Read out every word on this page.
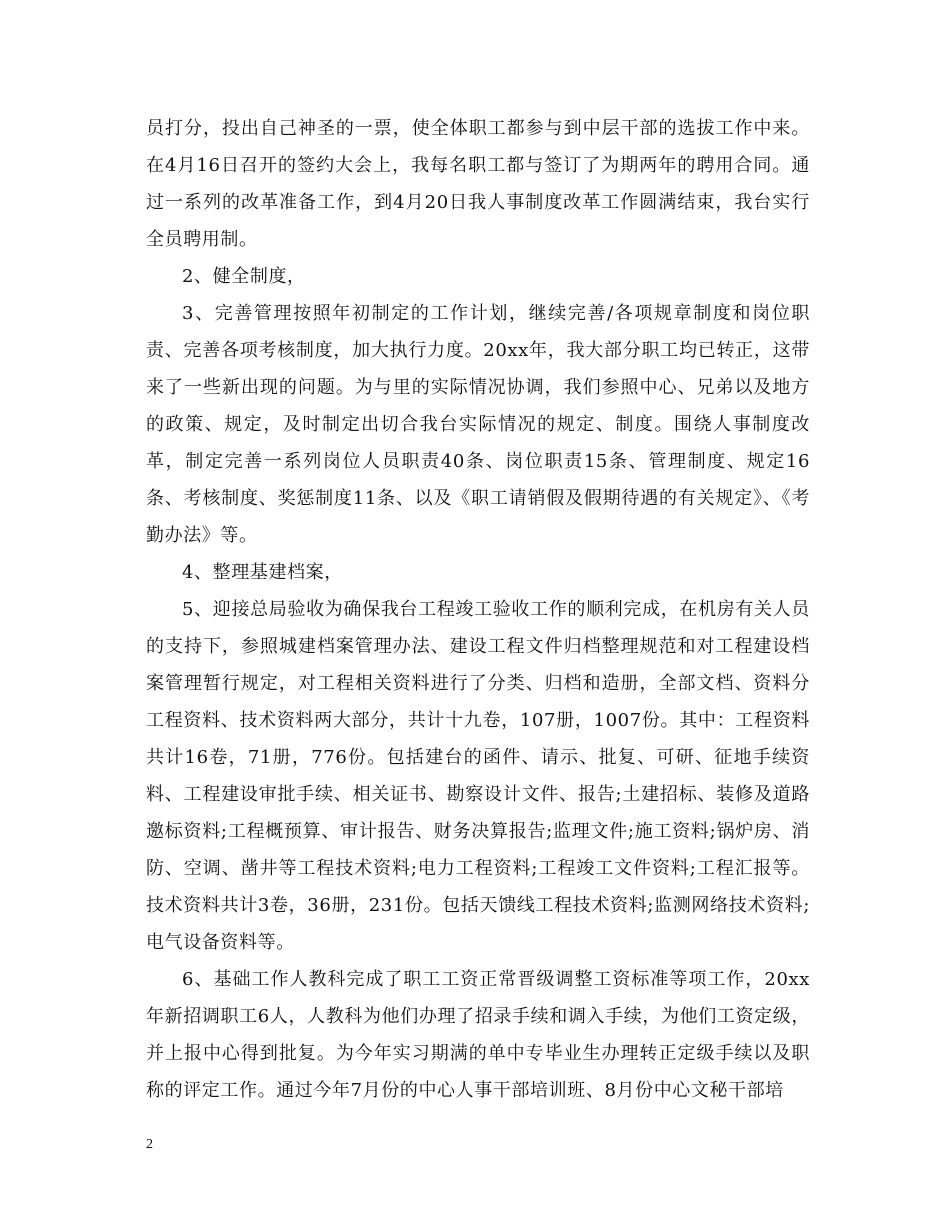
员打分，投出自己神圣的一票，使全体职工都参与到中层干部的选拔工作中来。在4月16日召开的签约大会上，我每名职工都与签订了为期两年的聘用合同。通过一系列的改革准备工作，到4月20日我人事制度改革工作圆满结束，我台实行全员聘用制。

2、健全制度，

3、完善管理按照年初制定的工作计划，继续完善/各项规章制度和岗位职责、完善各项考核制度，加大执行力度。20xx年，我大部分职工均已转正，这带来了一些新出现的问题。为与里的实际情况协调，我们参照中心、兄弟以及地方的政策、规定，及时制定出切合我台实际情况的规定、制度。围绕人事制度改革，制定完善一系列岗位人员职责40条、岗位职责15条、管理制度、规定16条、考核制度、奖惩制度11条、以及《职工请销假及假期待遇的有关规定》、《考勤办法》等。

4、整理基建档案，

5、迎接总局验收为确保我台工程竣工验收工作的顺利完成，在机房有关人员的支持下，参照城建档案管理办法、建设工程文件归档整理规范和对工程建设档案管理暂行规定，对工程相关资料进行了分类、归档和造册，全部文档、资料分工程资料、技术资料两大部分，共计十九卷，107册，1007份。其中：工程资料共计16卷，71册，776份。包括建台的函件、请示、批复、可研、征地手续资料、工程建设审批手续、相关证书、勘察设计文件、报告;土建招标、装修及道路邀标资料;工程概预算、审计报告、财务决算报告;监理文件;施工资料;锅炉房、消防、空调、凿井等工程技术资料;电力工程资料;工程竣工文件资料;工程汇报等。技术资料共计3卷，36册，231份。包括天馈线工程技术资料;监测网络技术资料;电气设备资料等。

6、基础工作人教科完成了职工工资正常晋级调整工资标准等项工作，20xx年新招调职工6人，人教科为他们办理了招录手续和调入手续，为他们工资定级，并上报中心得到批复。为今年实习期满的单中专毕业生办理转正定级手续以及职称的评定工作。通过今年7月份的中心人事干部培训班、8月份中心文秘干部培

2
